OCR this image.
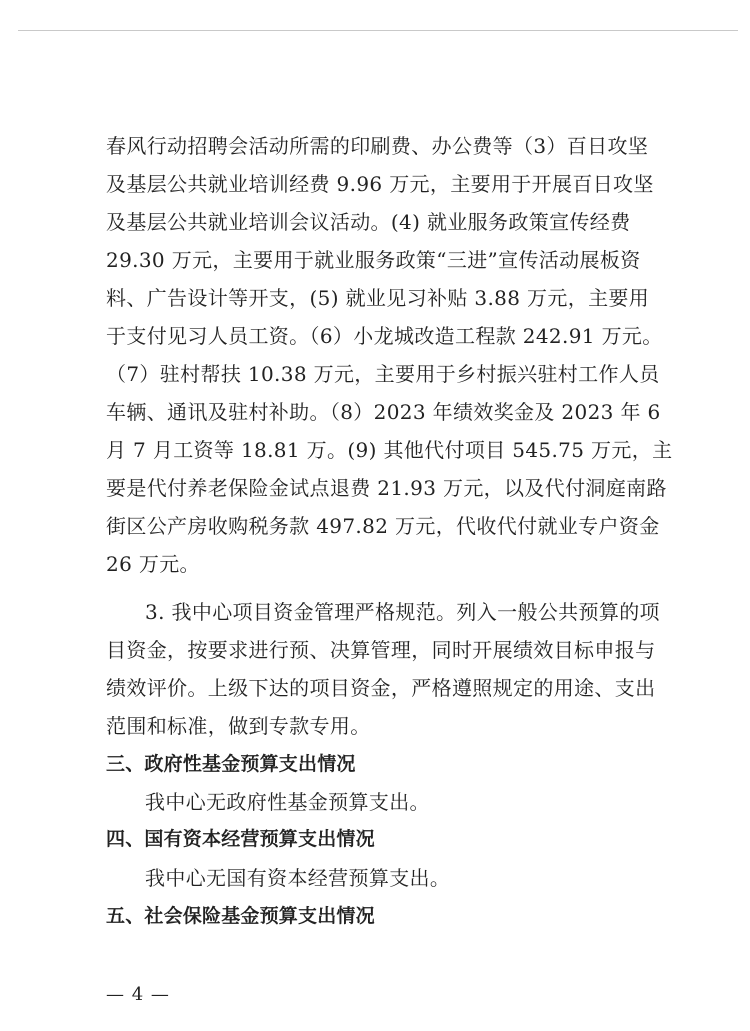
春风行动招聘会活动所需的印刷费、办公费等（3）百日攻坚
及基层公共就业培训经费 9.96 万元，主要用于开展百日攻坚
及基层公共就业培训会议活动。(4) 就业服务政策宣传经费
29.30 万元，主要用于就业服务政策“三进”宣传活动展板资
料、广告设计等开支，(5) 就业见习补贴 3.88 万元，主要用
于支付见习人员工资。（6）小龙城改造工程款 242.91 万元。
（7）驻村帮扶 10.38 万元，主要用于乡村振兴驻村工作人员
车辆、通讯及驻村补助。（8）2023 年绩效奖金及 2023 年 6
月 7 月工资等 18.81 万。(9) 其他代付项目 545.75 万元，主
要是代付养老保险金试点退费 21.93 万元，以及代付洞庭南路
街区公产房收购税务款 497.82 万元，代收代付就业专户资金
26 万元。
3. 我中心项目资金管理严格规范。列入一般公共预算的项
目资金，按要求进行预、决算管理，同时开展绩效目标申报与
绩效评价。上级下达的项目资金，严格遵照规定的用途、支出
范围和标准，做到专款专用。
三、政府性基金预算支出情况
我中心无政府性基金预算支出。
四、国有资本经营预算支出情况
我中心无国有资本经营预算支出。
五、社会保险基金预算支出情况
— 4 —
